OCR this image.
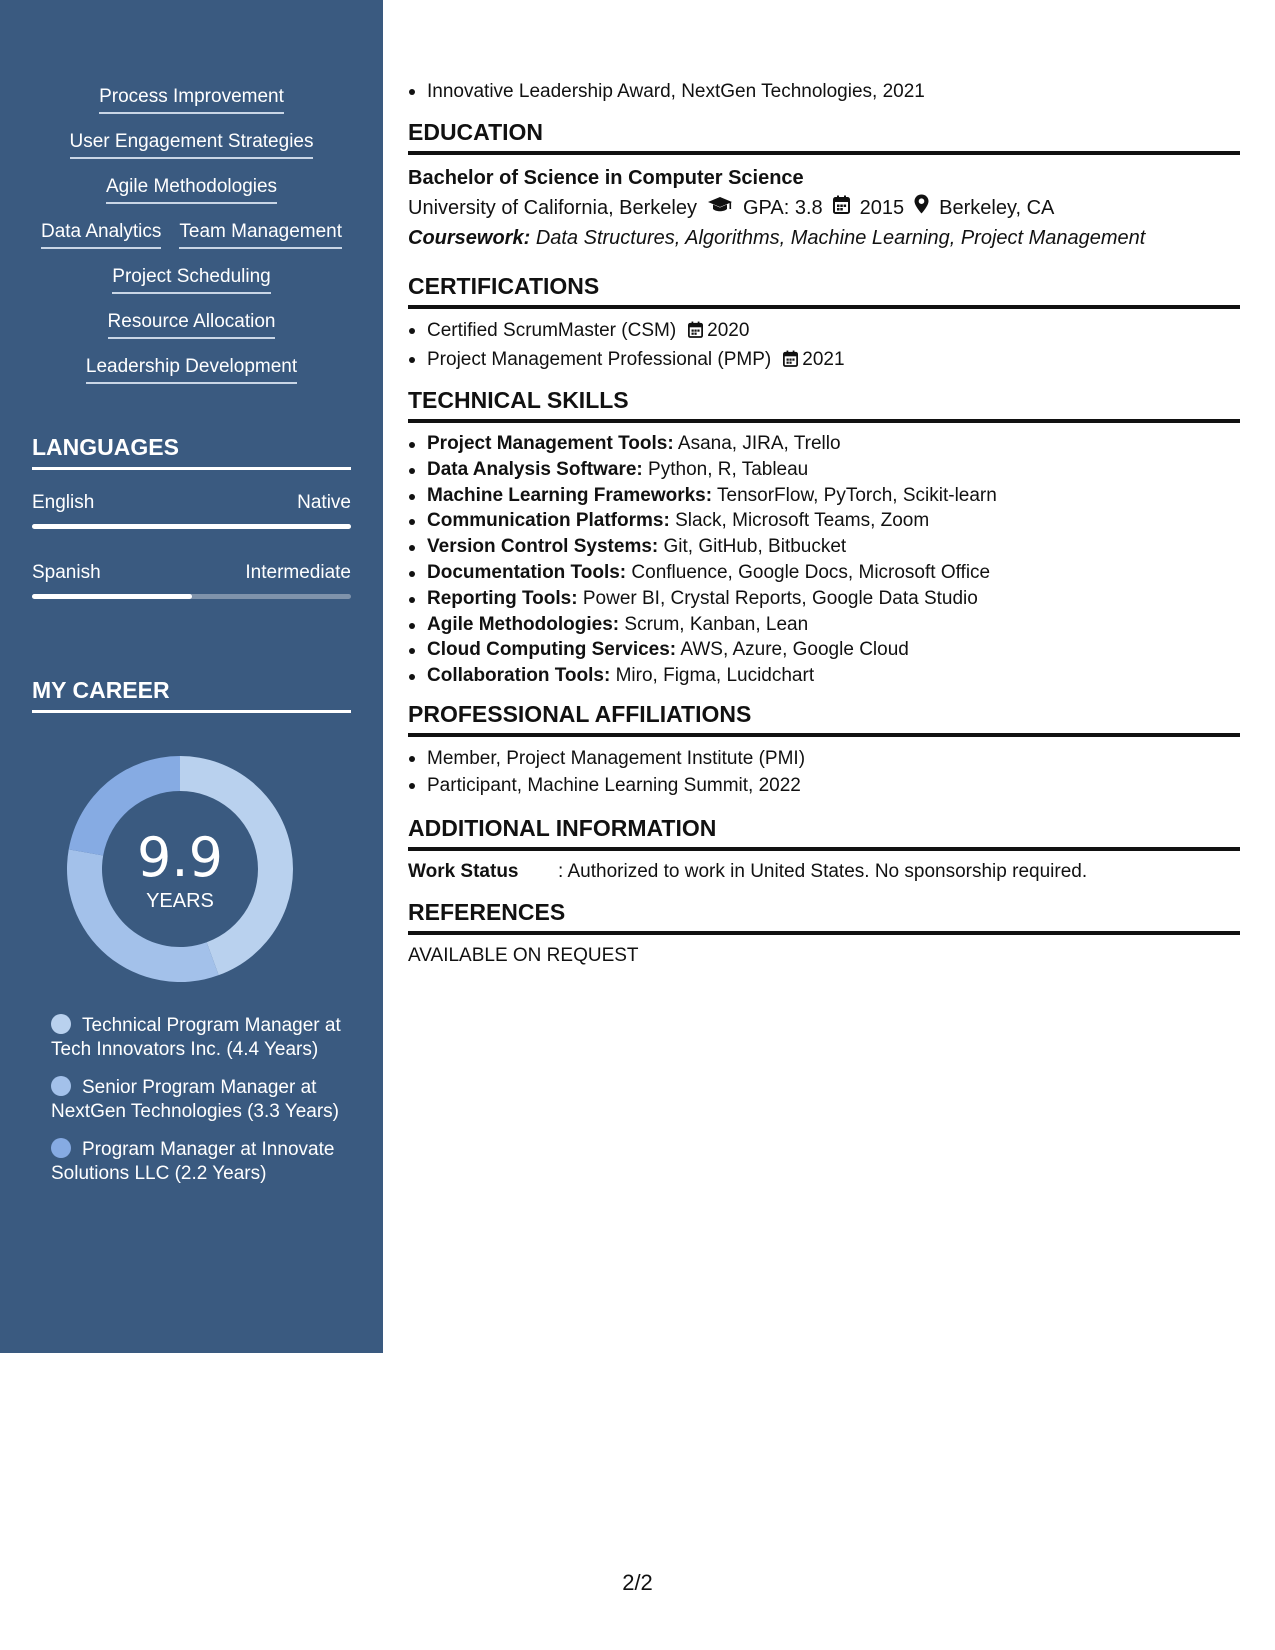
Process Improvement
User Engagement Strategies
Agile Methodologies
Data Analytics Team Management
Project Scheduling
Resource Allocation
Leadership Development
LANGUAGES
English	Native
Spanish	Intermediate
MY CAREER
9.9
YEARS
Technical Program Manager at Tech Innovators Inc. (4.4 Years)
Senior Program Manager at NextGen Technologies (3.3 Years)
Program Manager at Innovate Solutions LLC (2.2 Years)
Innovative Leadership Award, NextGen Technologies, 2021
EDUCATION
Bachelor of Science in Computer Science
University of California, Berkeley GPA: 3.8 2015 Berkeley, CA
Coursework: Data Structures, Algorithms, Machine Learning, Project Management
CERTIFICATIONS
Certified ScrumMaster (CSM) 2020
Project Management Professional (PMP) 2021
TECHNICAL SKILLS
Project Management Tools: Asana, JIRA, Trello
Data Analysis Software: Python, R, Tableau
Machine Learning Frameworks: TensorFlow, PyTorch, Scikit-learn
Communication Platforms: Slack, Microsoft Teams, Zoom
Version Control Systems: Git, GitHub, Bitbucket
Documentation Tools: Confluence, Google Docs, Microsoft Office
Reporting Tools: Power BI, Crystal Reports, Google Data Studio
Agile Methodologies: Scrum, Kanban, Lean
Cloud Computing Services: AWS, Azure, Google Cloud
Collaboration Tools: Miro, Figma, Lucidchart
PROFESSIONAL AFFILIATIONS
Member, Project Management Institute (PMI)
Participant, Machine Learning Summit, 2022
ADDITIONAL INFORMATION
Work Status	: Authorized to work in United States. No sponsorship required.
REFERENCES
AVAILABLE ON REQUEST
2/2
